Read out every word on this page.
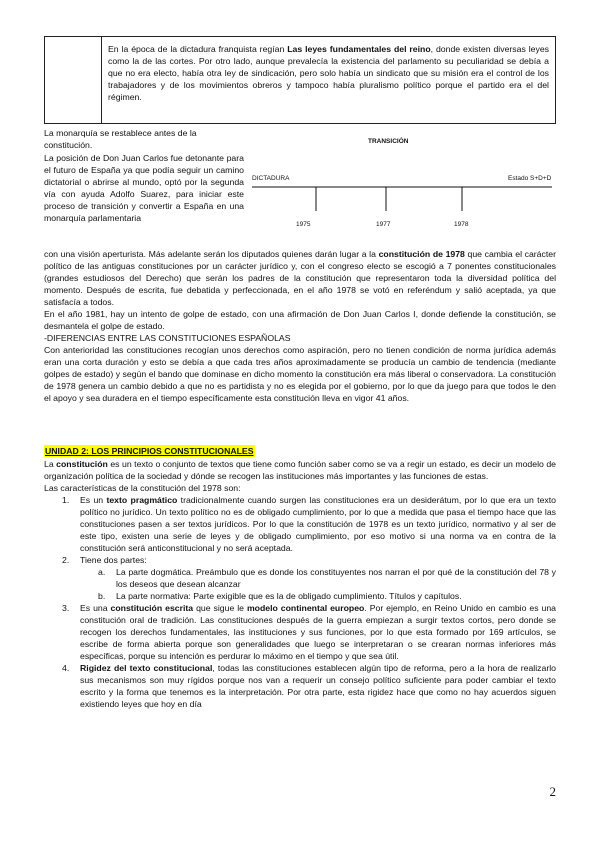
En la época de la dictadura franquista regían Las leyes fundamentales del reino, donde existen diversas leyes como la de las cortes. Por otro lado, aunque prevalecía la existencia del parlamento su peculiaridad se debía a que no era electo, había otra ley de sindicación, pero solo había un sindicato que su misión era el control de los trabajadores y de los movimientos obreros y tampoco había pluralismo político porque el partido era el del régimen.

La monarquía se restablece antes de la constitución.

La posición de Don Juan Carlos fue detonante para el futuro de España ya que podía seguir un camino dictatorial o abrirse al mundo, optó por la segunda vía con ayuda Adolfo Suarez, para iniciar este proceso de transición y convertir a España en una monarquía parlamentaria

TRANSICIÓN
DICTADURA	Estado S+D+D
1975	1977	1978

con una visión aperturista. Más adelante serán los diputados quienes darán lugar a la constitución de 1978 que cambia el carácter político de las antiguas constituciones por un carácter jurídico y, con el congreso electo se escogió a 7 ponentes constitucionales (grandes estudiosos del Derecho) que serán los padres de la constitución que representaron toda la diversidad política del momento. Después de escrita, fue debatida y perfeccionada, en el año 1978 se votó en referéndum y salió aceptada, ya que satisfacía a todos.

En el año 1981, hay un intento de golpe de estado, con una afirmación de Don Juan Carlos I, donde defiende la constitución, se desmantela el golpe de estado.

-DIFERENCIAS ENTRE LAS CONSTITUCIONES ESPAÑOLAS

Con anterioridad las constituciones recogían unos derechos como aspiración, pero no tienen condición de norma jurídica además eran una corta duración y esto se debía a que cada tres años aproximadamente se producía un cambio de tendencia (mediante golpes de estado) y según el bando que dominase en dicho momento la constitución era más liberal o conservadora. La constitución de 1978 genera un cambio debido a que no es partidista y no es elegida por el gobierno, por lo que da juego para que todos le den el apoyo y sea duradera en el tiempo específicamente esta constitución lleva en vigor 41 años.

UNIDAD 2: LOS PRINCIPIOS CONSTITUCIONALES

La constitución es un texto o conjunto de textos que tiene como función saber como se va a regir un estado, es decir un modelo de organización política de la sociedad y dónde se recogen las instituciones más importantes y las funciones de estas.

Las características de la constitución del 1978 son:

1. Es un texto pragmático tradicionalmente cuando surgen las constituciones era un desiderátum, por lo que era un texto político no jurídico. Un texto político no es de obligado cumplimiento, por lo que a medida que pasa el tiempo hace que las constituciones pasen a ser textos jurídicos. Por lo que la constitución de 1978 es un texto jurídico, normativo y al ser de este tipo, existen una serie de leyes y de obligado cumplimiento, por eso motivo si una norma va en contra de la constitución será anticonstitucional y no será aceptada.
2. Tiene dos partes:
a. La parte dogmática. Preámbulo que es donde los constituyentes nos narran el por qué de la constitución del 78 y los deseos que desean alcanzar
b. La parte normativa: Parte exigible que es la de obligado cumplimiento. Títulos y capítulos.
3. Es una constitución escrita que sigue le modelo continental europeo. Por ejemplo, en Reino Unido en cambio es una constitución oral de tradición. Las constituciones después de la guerra empiezan a surgir textos cortos, pero donde se recogen los derechos fundamentales, las instituciones y sus funciones, por lo que esta formado por 169 artículos, se escribe de forma abierta porque son generalidades que luego se interpretaran o se crearan normas inferiores más específicas, porque su intención es perdurar lo máximo en el tiempo y que sea útil.
4. Rigidez del texto constitucional, todas las constituciones establecen algún tipo de reforma, pero a la hora de realizarlo sus mecanismos son muy rígidos porque nos van a requerir un consejo político suficiente para poder cambiar el texto escrito y la forma que tenemos es la interpretación. Por otra parte, esta rigidez hace que como no hay acuerdos siguen existiendo leyes que hoy en día
2
